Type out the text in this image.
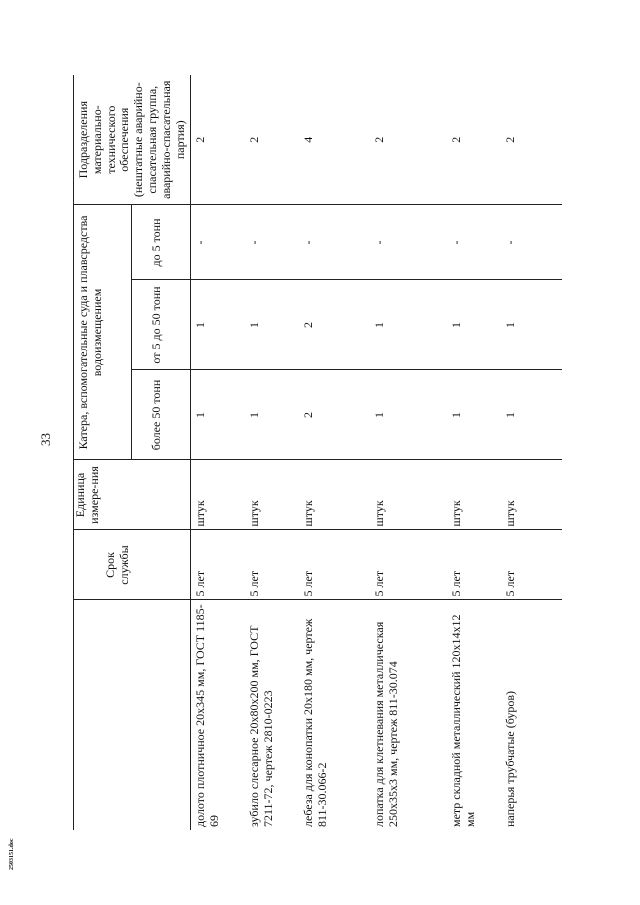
33
2503151.doc
	Срок службы	Единица измере-ния	Катера, вспомогательные суда и плавсредства водоизмещением			Подразделения материально-технического обеспечения (нештатные аварийно-спасательная группа, аварийно-спасательная партия)
			более 50 тонн	от 5 до 50 тонн	до 5 тонн	
долото плотничное 20х345 мм, ГОСТ 1185-69	5 лет	штук	1	1	-	2
зубило слесарное 20х80х200 мм, ГОСТ 7211-72, чертеж 2810-0223	5 лет	штук	1	1	-	2
лебеза для конопатки 20х180 мм, чертеж 811-30.066-2	5 лет	штук	2	2	-	4
лопатка для клетневания металлическая 250х35х3 мм, чертеж 811-30.074	5 лет	штук	1	1	-	2
метр складной металлический 120х14х12 мм	5 лет	штук	1	1	-	2
наперья трубчатые (буров)	5 лет	штук	1	1	-	2
